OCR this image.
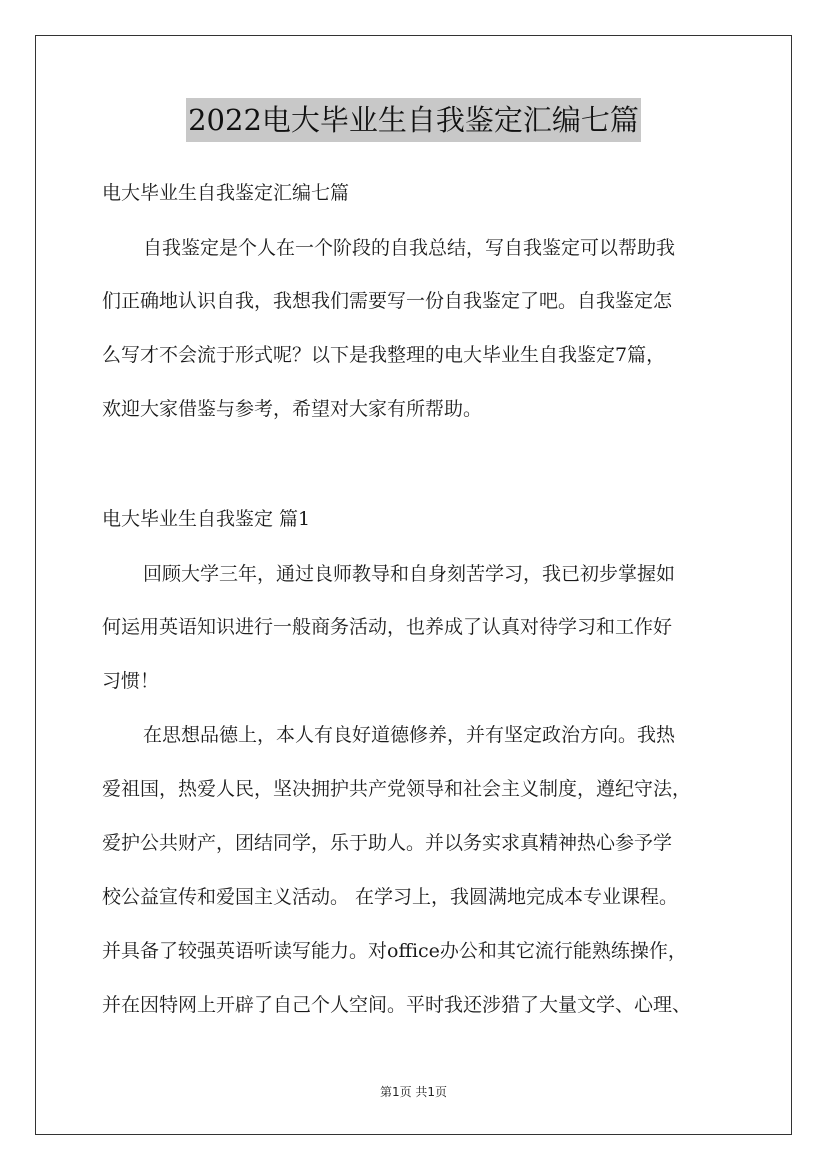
2022电大毕业生自我鉴定汇编七篇
电大毕业生自我鉴定汇编七篇
自我鉴定是个人在一个阶段的自我总结，写自我鉴定可以帮助我
们正确地认识自我，我想我们需要写一份自我鉴定了吧。自我鉴定怎
么写才不会流于形式呢？以下是我整理的电大毕业生自我鉴定7篇，
欢迎大家借鉴与参考，希望对大家有所帮助。
电大毕业生自我鉴定 篇1
回顾大学三年，通过良师教导和自身刻苦学习，我已初步掌握如
何运用英语知识进行一般商务活动，也养成了认真对待学习和工作好
习惯！
在思想品德上，本人有良好道德修养，并有坚定政治方向。我热
爱祖国，热爱人民，坚决拥护共产党领导和社会主义制度，遵纪守法，
爱护公共财产，团结同学，乐于助人。并以务实求真精神热心参予学
校公益宣传和爱国主义活动。 在学习上，我圆满地完成本专业课程。
并具备了较强英语听读写能力。对office办公和其它流行能熟练操作，
并在因特网上开辟了自己个人空间。平时我还涉猎了大量文学、心理、
第1页 共1页
